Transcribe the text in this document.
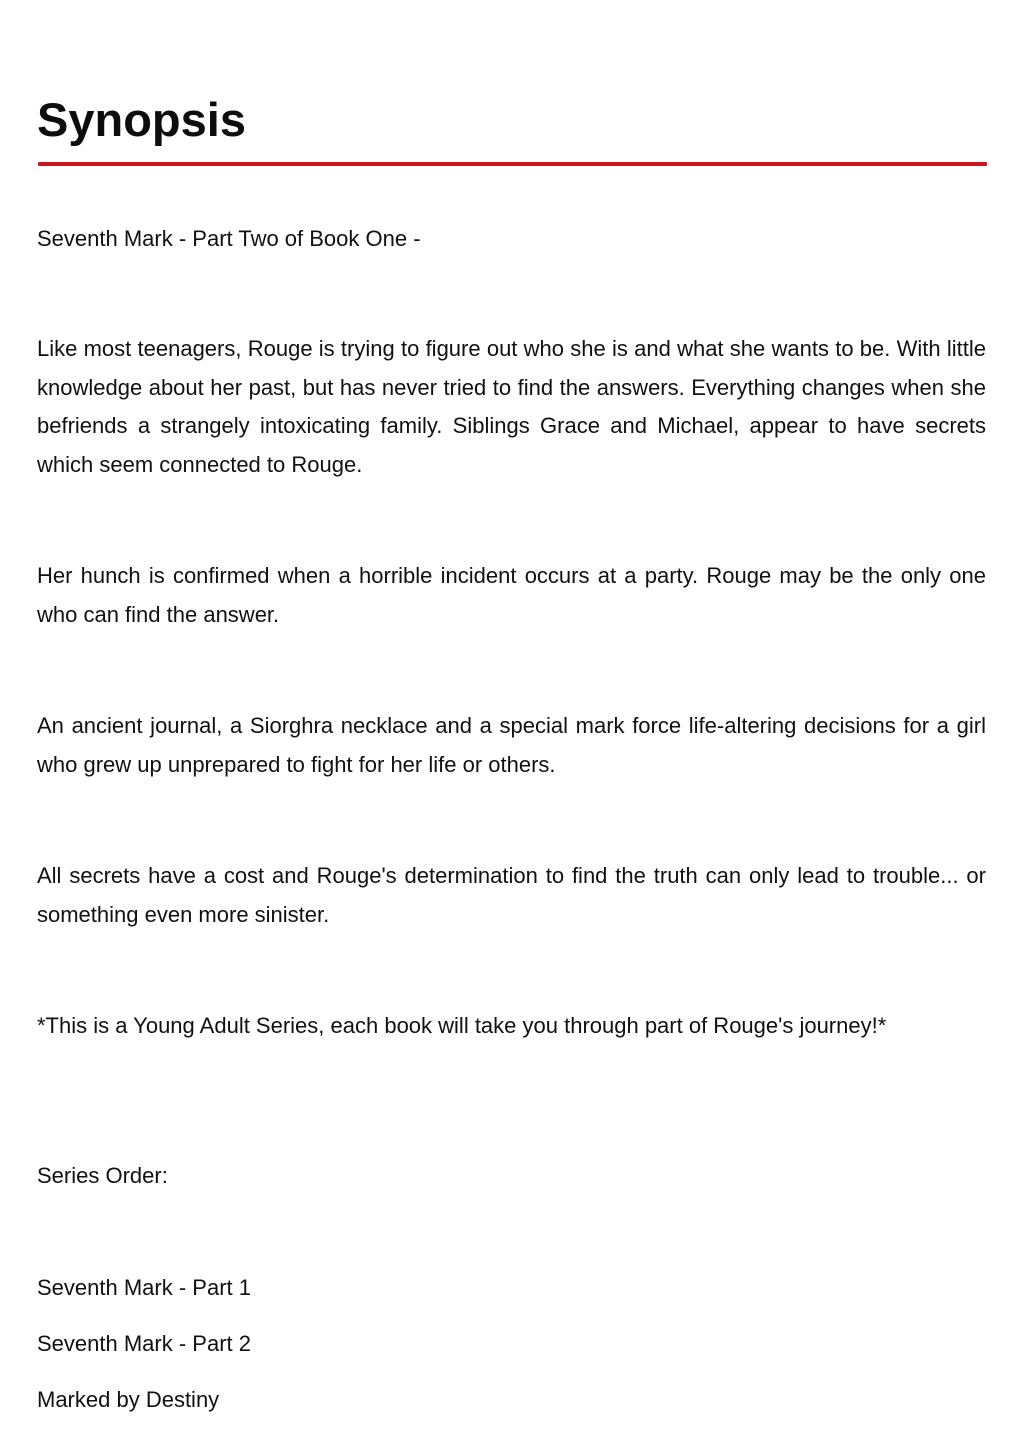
Synopsis

Seventh Mark - Part Two of Book One -

Like most teenagers, Rouge is trying to figure out who she is and what she wants to be. With little knowledge about her past, but has never tried to find the answers. Everything changes when she befriends a strangely intoxicating family. Siblings Grace and Michael, appear to have secrets which seem connected to Rouge.

Her hunch is confirmed when a horrible incident occurs at a party. Rouge may be the only one who can find the answer.

An ancient journal, a Siorghra necklace and a special mark force life-altering decisions for a girl who grew up unprepared to fight for her life or others.

All secrets have a cost and Rouge's determination to find the truth can only lead to trouble... or something even more sinister.

*This is a Young Adult Series, each book will take you through part of Rouge's journey!*

Series Order:

Seventh Mark - Part 1

Seventh Mark - Part 2

Marked by Destiny
